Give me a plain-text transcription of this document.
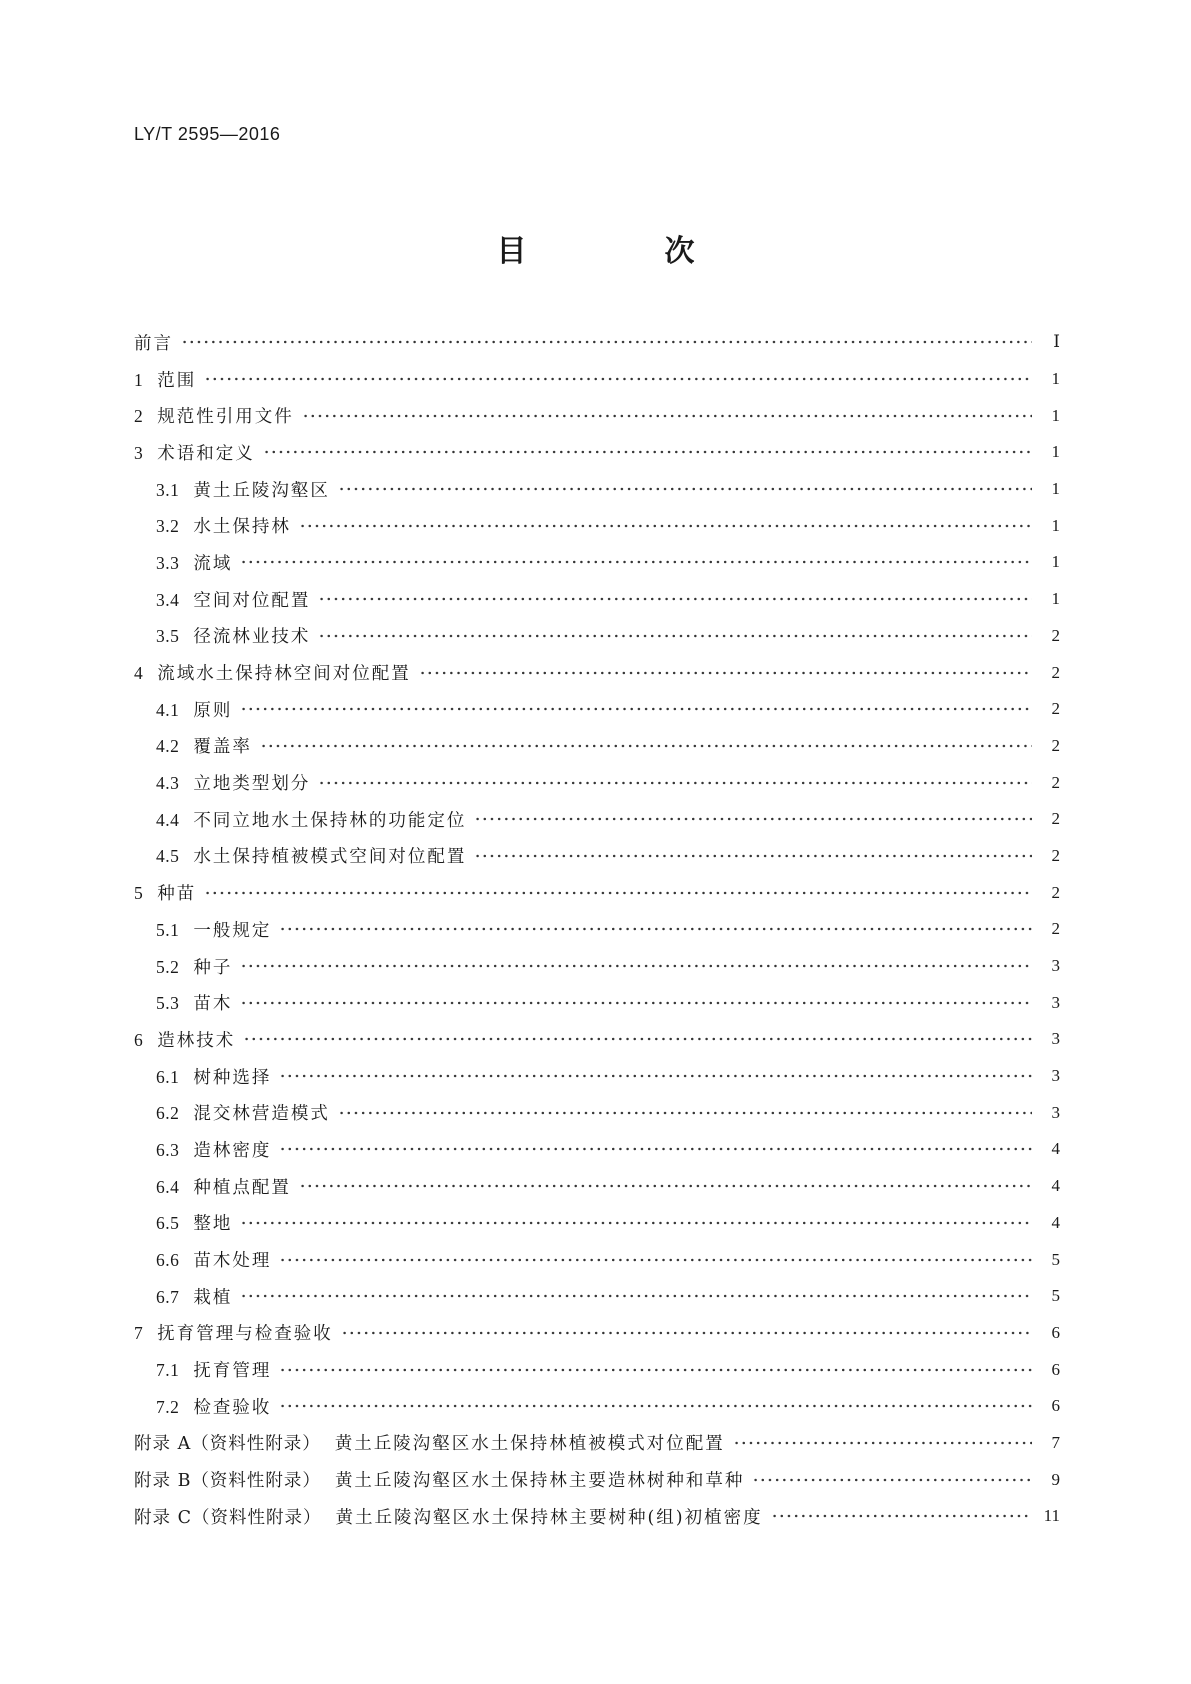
LY/T 2595—2016
目　次
前言	Ⅰ
1 范围	1
2 规范性引用文件	1
3 术语和定义	1
3.1 黄土丘陵沟壑区	1
3.2 水土保持林	1
3.3 流域	1
3.4 空间对位配置	1
3.5 径流林业技术	2
4 流域水土保持林空间对位配置	2
4.1 原则	2
4.2 覆盖率	2
4.3 立地类型划分	2
4.4 不同立地水土保持林的功能定位	2
4.5 水土保持植被模式空间对位配置	2
5 种苗	2
5.1 一般规定	2
5.2 种子	3
5.3 苗木	3
6 造林技术	3
6.1 树种选择	3
6.2 混交林营造模式	3
6.3 造林密度	4
6.4 种植点配置	4
6.5 整地	4
6.6 苗木处理	5
6.7 栽植	5
7 抚育管理与检查验收	6
7.1 抚育管理	6
7.2 检查验收	6
附录 A（资料性附录） 黄土丘陵沟壑区水土保持林植被模式对位配置	7
附录 B（资料性附录） 黄土丘陵沟壑区水土保持林主要造林树种和草种	9
附录 C（资料性附录） 黄土丘陵沟壑区水土保持林主要树种(组)初植密度	11
